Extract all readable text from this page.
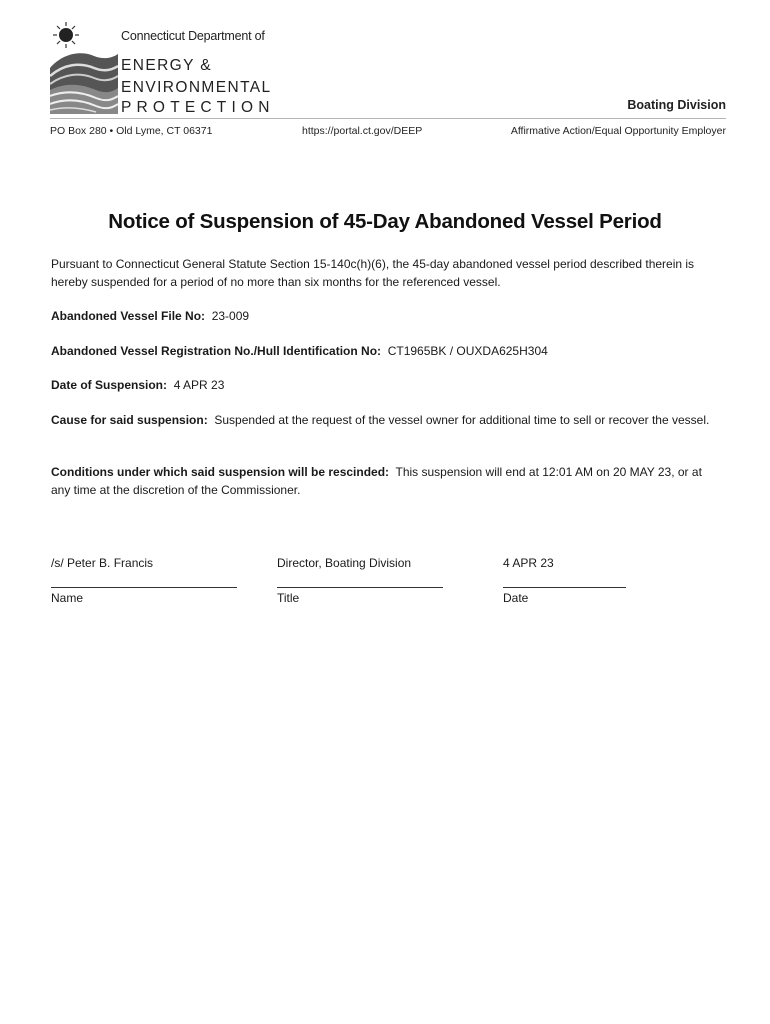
Connecticut Department of
ENERGY &
ENVIRONMENTAL
PROTECTION	Boating Division
PO Box 280 • Old Lyme, CT 06371	https://portal.ct.gov/DEEP	Affirmative Action/Equal Opportunity Employer
Notice of Suspension of 45-Day Abandoned Vessel Period
Pursuant to Connecticut General Statute Section 15-140c(h)(6), the 45-day abandoned vessel period described therein is hereby suspended for a period of no more than six months for the referenced vessel.
Abandoned Vessel File No: 23-009
Abandoned Vessel Registration No./Hull Identification No: CT1965BK / OUXDA625H304
Date of Suspension: 4 APR 23
Cause for said suspension: Suspended at the request of the vessel owner for additional time to sell or recover the vessel.
Conditions under which said suspension will be rescinded: This suspension will end at 12:01 AM on 20 MAY 23, or at any time at the discretion of the Commissioner.
/s/ Peter B. Francis	Director, Boating Division	4 APR 23
Name	Title	Date
